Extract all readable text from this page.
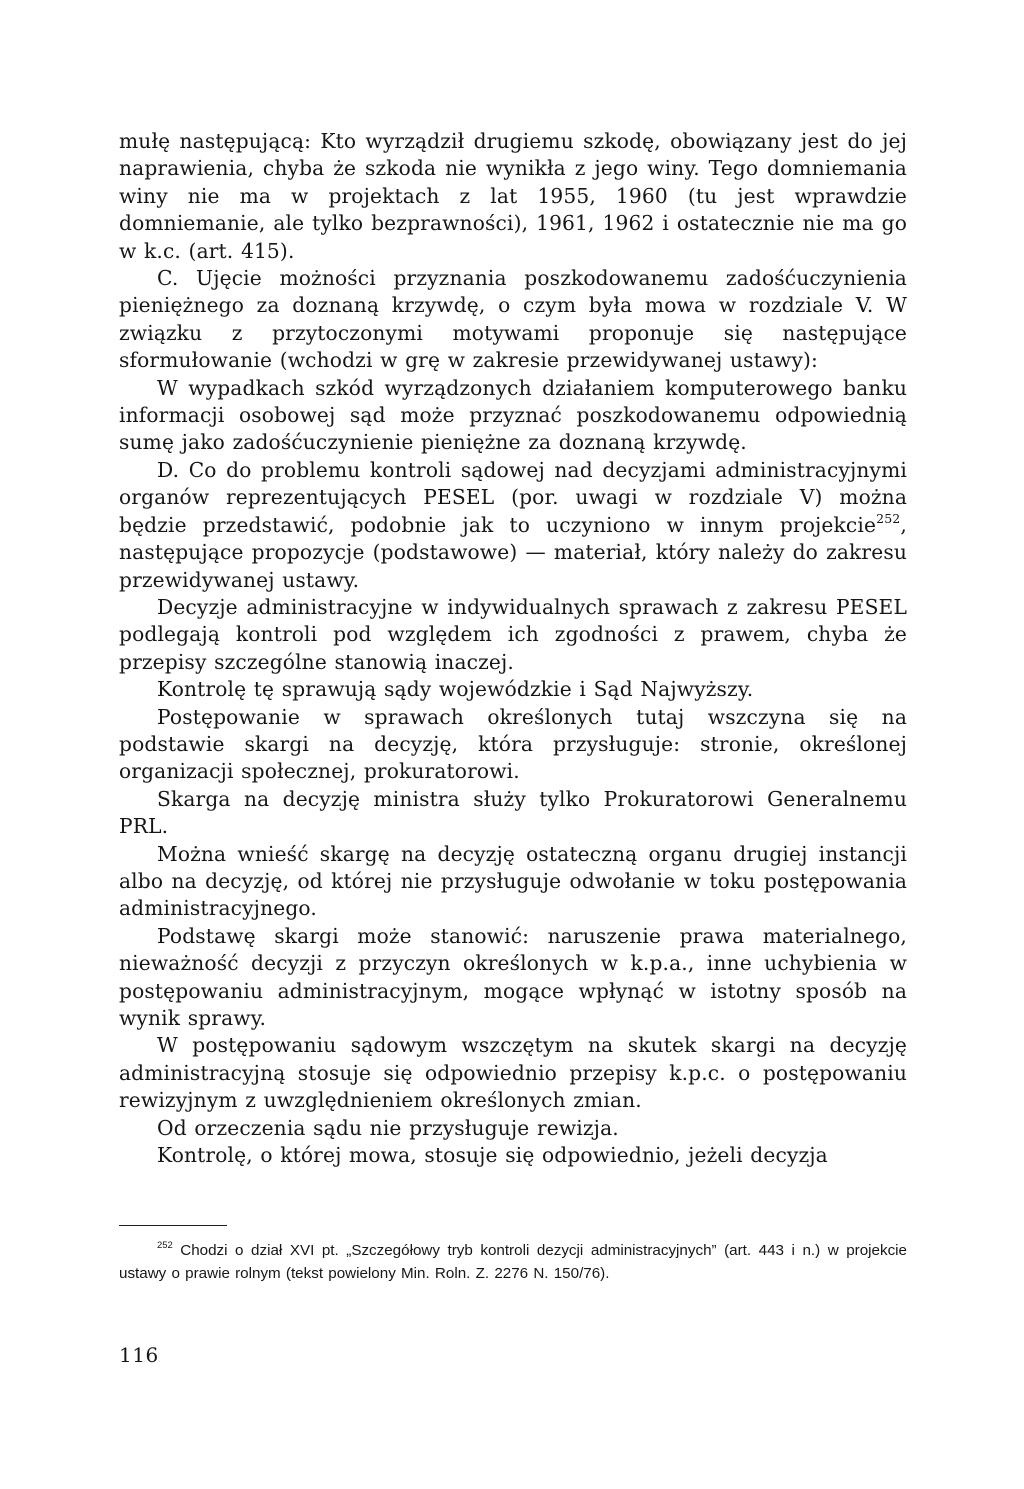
mułę następującą: Kto wyrządził drugiemu szkodę, obowiązany jest do jej naprawienia, chyba że szkoda nie wynikła z jego winy. Tego domniemania winy nie ma w projektach z lat 1955, 1960 (tu jest wprawdzie domniemanie, ale tylko bezprawności), 1961, 1962 i ostatecznie nie ma go w k.c. (art. 415).

C. Ujęcie możności przyznania poszkodowanemu zadośćuczynienia pieniężnego za doznaną krzywdę, o czym była mowa w rozdziale V. W związku z przytoczonymi motywami proponuje się następujące sformułowanie (wchodzi w grę w zakresie przewidywanej ustawy):

W wypadkach szkód wyrządzonych działaniem komputerowego banku informacji osobowej sąd może przyznać poszkodowanemu odpowiednią sumę jako zadośćuczynienie pieniężne za doznaną krzywdę.

D. Co do problemu kontroli sądowej nad decyzjami administracyjnymi organów reprezentujących PESEL (por. uwagi w rozdziale V) można będzie przedstawić, podobnie jak to uczyniono w innym projekcie$^{252}$, następujące propozycje (podstawowe) — materiał, który należy do zakresu przewidywanej ustawy.

Decyzje administracyjne w indywidualnych sprawach z zakresu PESEL podlegają kontroli pod względem ich zgodności z prawem, chyba że przepisy szczególne stanowią inaczej.

Kontrolę tę sprawują sądy wojewódzkie i Sąd Najwyższy.

Postępowanie w sprawach określonych tutaj wszczyna się na podstawie skargi na decyzję, która przysługuje: stronie, określonej organizacji społecznej, prokuratorowi.

Skarga na decyzję ministra służy tylko Prokuratorowi Generalnemu PRL.

Można wnieść skargę na decyzję ostateczną organu drugiej instancji albo na decyzję, od której nie przysługuje odwołanie w toku postępowania administracyjnego.

Podstawę skargi może stanowić: naruszenie prawa materialnego, nieważność decyzji z przyczyn określonych w k.p.a., inne uchybienia w postępowaniu administracyjnym, mogące wpłynąć w istotny sposób na wynik sprawy.

W postępowaniu sądowym wszczętym na skutek skargi na decyzję administracyjną stosuje się odpowiednio przepisy k.p.c. o postępowaniu rewizyjnym z uwzględnieniem określonych zmian.

Od orzeczenia sądu nie przysługuje rewizja.

Kontrolę, o której mowa, stosuje się odpowiednio, jeżeli decyzja

$^{252}$ Chodzi o dział XVI pt. „Szczegółowy tryb kontroli dezycji administracyjnych” (art. 443 i n.) w projekcie ustawy o prawie rolnym (tekst powielony Min. Roln. Z. 2276 N. 150/76).

116
